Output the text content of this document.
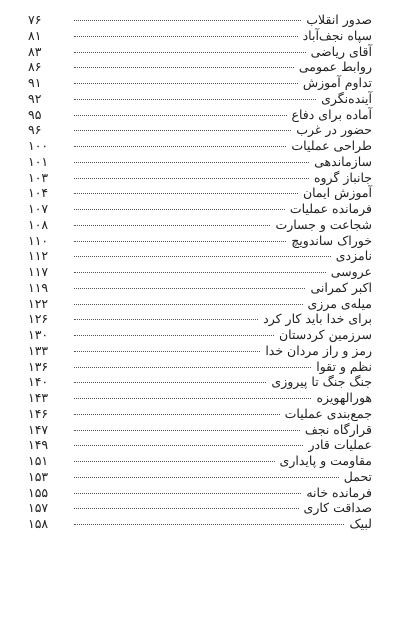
صدور انقلاب
۷۶
سپاه نجف‌آباد
۸۱
آقای ریاضی
۸۳
روابط عمومی
۸۶
تداوم آموزش
۹۱
آینده‌نگری
۹۲
آماده برای دفاع
۹۵
حضور در غرب
۹۶
طراحی عملیات
۱۰۰
سازماندهی
۱۰۱
جانباز گروه
۱۰۳
آموزش ایمان
۱۰۴
فرمانده عملیات
۱۰۷
شجاعت و جسارت
۱۰۸
خوراک ساندویچ
۱۱۰
نامزدی
۱۱۲
عروسی
۱۱۷
اکبر کمرانی
۱۱۹
میله‌ی مرزی
۱۲۲
برای خدا باید کار کرد
۱۲۶
سرزمین کردستان
۱۳۰
رمز و راز مردان خدا
۱۳۳
نظم و تقوا
۱۳۶
جنگ جنگ تا پیروزی
۱۴۰
هورالهویزه
۱۴۳
جمع‌بندی عملیات
۱۴۶
قرارگاه نجف
۱۴۷
عملیات قادر
۱۴۹
مقاومت و پایداری
۱۵۱
تحمل
۱۵۳
فرمانده خانه
۱۵۵
صداقت کاری
۱۵۷
لبیک
۱۵۸
